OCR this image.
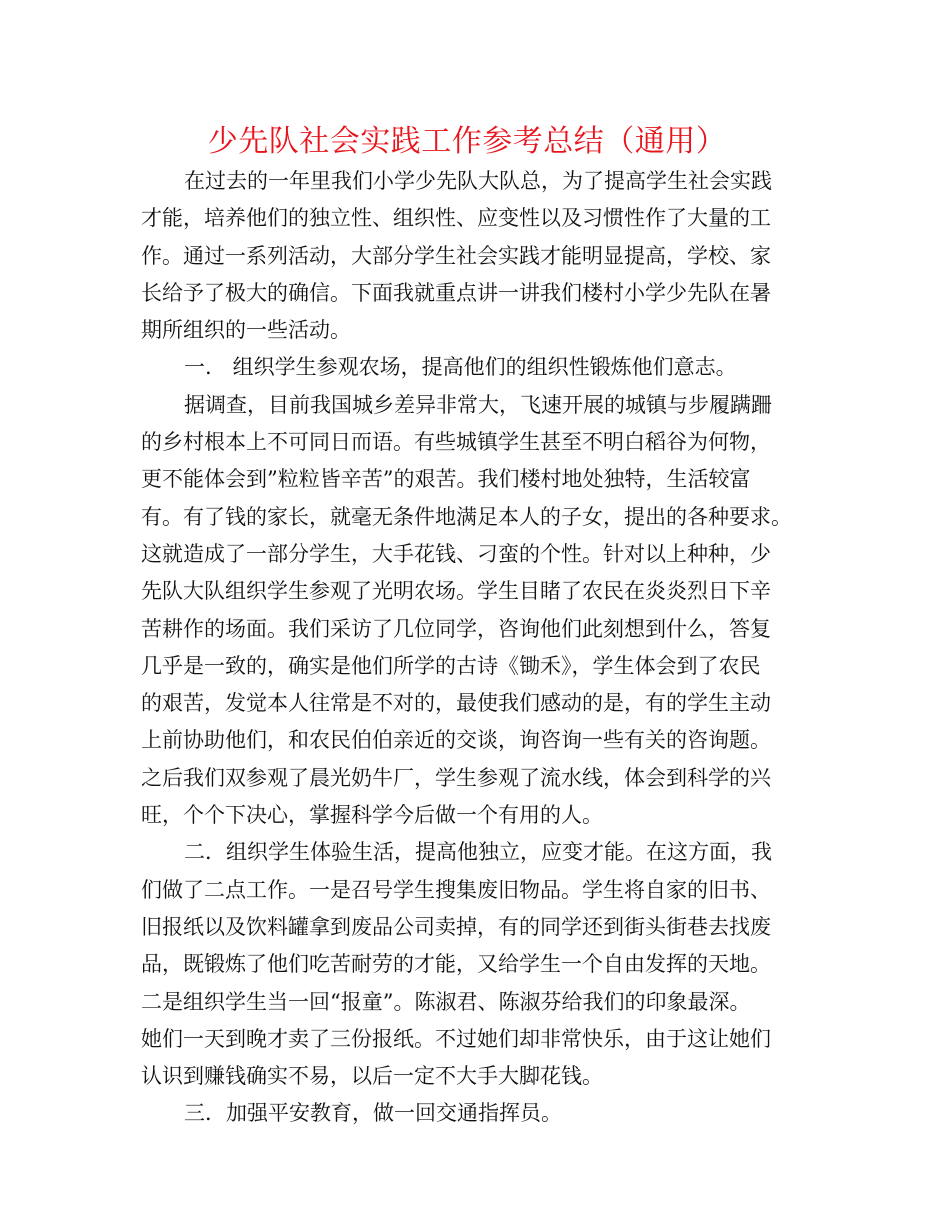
少先队社会实践工作参考总结（通用）
在过去的一年里我们小学少先队大队总，为了提高学生社会实践
才能，培养他们的独立性、组织性、应变性以及习惯性作了大量的工
作。通过一系列活动，大部分学生社会实践才能明显提高，学校、家
长给予了极大的确信。下面我就重点讲一讲我们楼村小学少先队在暑
期所组织的一些活动。
一.　组织学生参观农场，提高他们的组织性锻炼他们意志。
据调查，目前我国城乡差异非常大，飞速开展的城镇与步履蹒跚
的乡村根本上不可同日而语。有些城镇学生甚至不明白稻谷为何物，
更不能体会到”粒粒皆辛苦”的艰苦。我们楼村地处独特，生活较富
有。有了钱的家长，就毫无条件地满足本人的子女，提出的各种要求。
这就造成了一部分学生，大手花钱、刁蛮的个性。针对以上种种，少
先队大队组织学生参观了光明农场。学生目睹了农民在炎炎烈日下辛
苦耕作的场面。我们采访了几位同学，咨询他们此刻想到什么，答复
几乎是一致的，确实是他们所学的古诗《锄禾》，学生体会到了农民
的艰苦，发觉本人往常是不对的，最使我们感动的是，有的学生主动
上前协助他们，和农民伯伯亲近的交谈，询咨询一些有关的咨询题。
之后我们双参观了晨光奶牛厂，学生参观了流水线，体会到科学的兴
旺，个个下决心，掌握科学今后做一个有用的人。
二．组织学生体验生活，提高他独立，应变才能。在这方面，我
们做了二点工作。一是召号学生搜集废旧物品。学生将自家的旧书、
旧报纸以及饮料罐拿到废品公司卖掉，有的同学还到街头街巷去找废
品，既锻炼了他们吃苦耐劳的才能，又给学生一个自由发挥的天地。
二是组织学生当一回“报童”。陈淑君、陈淑芬给我们的印象最深。
她们一天到晚才卖了三份报纸。不过她们却非常快乐，由于这让她们
认识到赚钱确实不易，以后一定不大手大脚花钱。
三．加强平安教育，做一回交通指挥员。
